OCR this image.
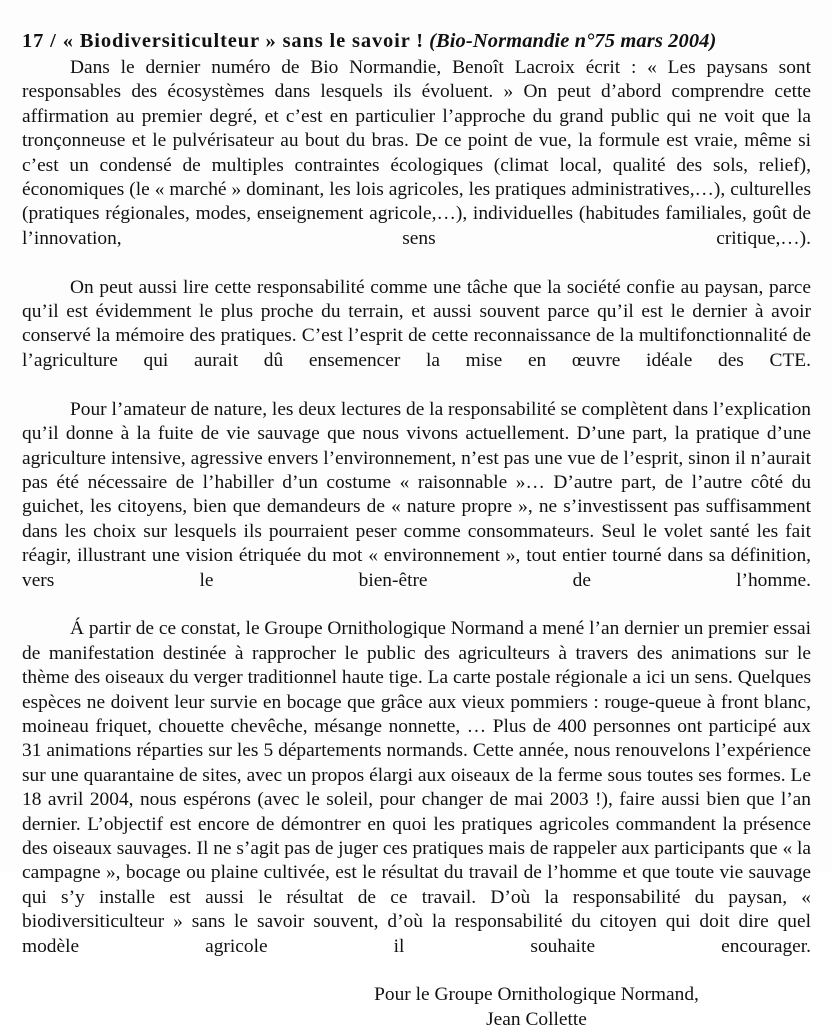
17 / « Biodiversiticulteur » sans le savoir ! (Bio-Normandie n°75 mars 2004)

Dans le dernier numéro de Bio Normandie, Benoît Lacroix écrit : « Les paysans sont responsables des écosystèmes dans lesquels ils évoluent. » On peut d’abord comprendre cette affirmation au premier degré, et c’est en particulier l’approche du grand public qui ne voit que la tronçonneuse et le pulvérisateur au bout du bras. De ce point de vue, la formule est vraie, même si c’est un condensé de multiples contraintes écologiques (climat local, qualité des sols, relief), économiques (le « marché » dominant, les lois agricoles, les pratiques administratives,…), culturelles (pratiques régionales, modes, enseignement agricole,…), individuelles (habitudes familiales, goût de l’innovation, sens critique,…).

On peut aussi lire cette responsabilité comme une tâche que la société confie au paysan, parce qu’il est évidemment le plus proche du terrain, et aussi souvent parce qu’il est le dernier à avoir conservé la mémoire des pratiques. C’est l’esprit de cette reconnaissance de la multifonctionnalité de l’agriculture qui aurait dû ensemencer la mise en œuvre idéale des CTE.

Pour l’amateur de nature, les deux lectures de la responsabilité se complètent dans l’explication qu’il donne à la fuite de vie sauvage que nous vivons actuellement. D’une part, la pratique d’une agriculture intensive, agressive envers l’environnement, n’est pas une vue de l’esprit, sinon il n’aurait pas été nécessaire de l’habiller d’un costume « raisonnable »… D’autre part, de l’autre côté du guichet, les citoyens, bien que demandeurs de « nature propre », ne s’investissent pas suffisamment dans les choix sur lesquels ils pourraient peser comme consommateurs. Seul le volet santé les fait réagir, illustrant une vision étriquée du mot « environnement », tout entier tourné dans sa définition, vers le bien-être de l’homme.

Á partir de ce constat, le Groupe Ornithologique Normand a mené l’an dernier un premier essai de manifestation destinée à rapprocher le public des agriculteurs à travers des animations sur le thème des oiseaux du verger traditionnel haute tige. La carte postale régionale a ici un sens. Quelques espèces ne doivent leur survie en bocage que grâce aux vieux pommiers : rouge-queue à front blanc, moineau friquet, chouette chevêche, mésange nonnette, … Plus de 400 personnes ont participé aux 31 animations réparties sur les 5 départements normands. Cette année, nous renouvelons l’expérience sur une quarantaine de sites, avec un propos élargi aux oiseaux de la ferme sous toutes ses formes. Le 18 avril 2004, nous espérons (avec le soleil, pour changer de mai 2003 !), faire aussi bien que l’an dernier. L’objectif est encore de démontrer en quoi les pratiques agricoles commandent la présence des oiseaux sauvages. Il ne s’agit pas de juger ces pratiques mais de rappeler aux participants que « la campagne », bocage ou plaine cultivée, est le résultat du travail de l’homme et que toute vie sauvage qui s’y installe est aussi le résultat de ce travail. D’où la responsabilité du paysan, « biodiversiticulteur » sans le savoir souvent, d’où la responsabilité du citoyen qui doit dire quel modèle agricole il souhaite encourager.

Pour le Groupe Ornithologique Normand,
Jean Collette
